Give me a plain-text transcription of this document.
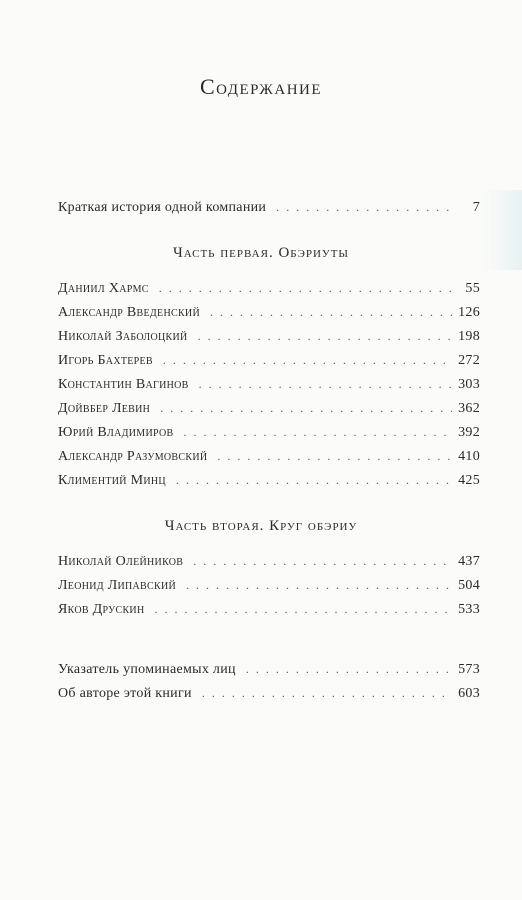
Содержание
Краткая история одной компании . . .	7
Часть первая. Обэриуты
Даниил Хармс . . .	55
Александр Введенский . . .	126
Николай Заболоцкий . . .	198
Игорь Бахтерев . . .	272
Константин Вагинов . . .	303
Дойвбер Левин . . .	362
Юрий Владимиров . . .	392
Александр Разумовский . . .	410
Климентий Минц . . .	425
Часть вторая. Круг обэриу
Николай Олейников . . .	437
Леонид Липавский . . .	504
Яков Друскин . . .	533
Указатель упоминаемых лиц . . .	573
Об авторе этой книги . . .	603
